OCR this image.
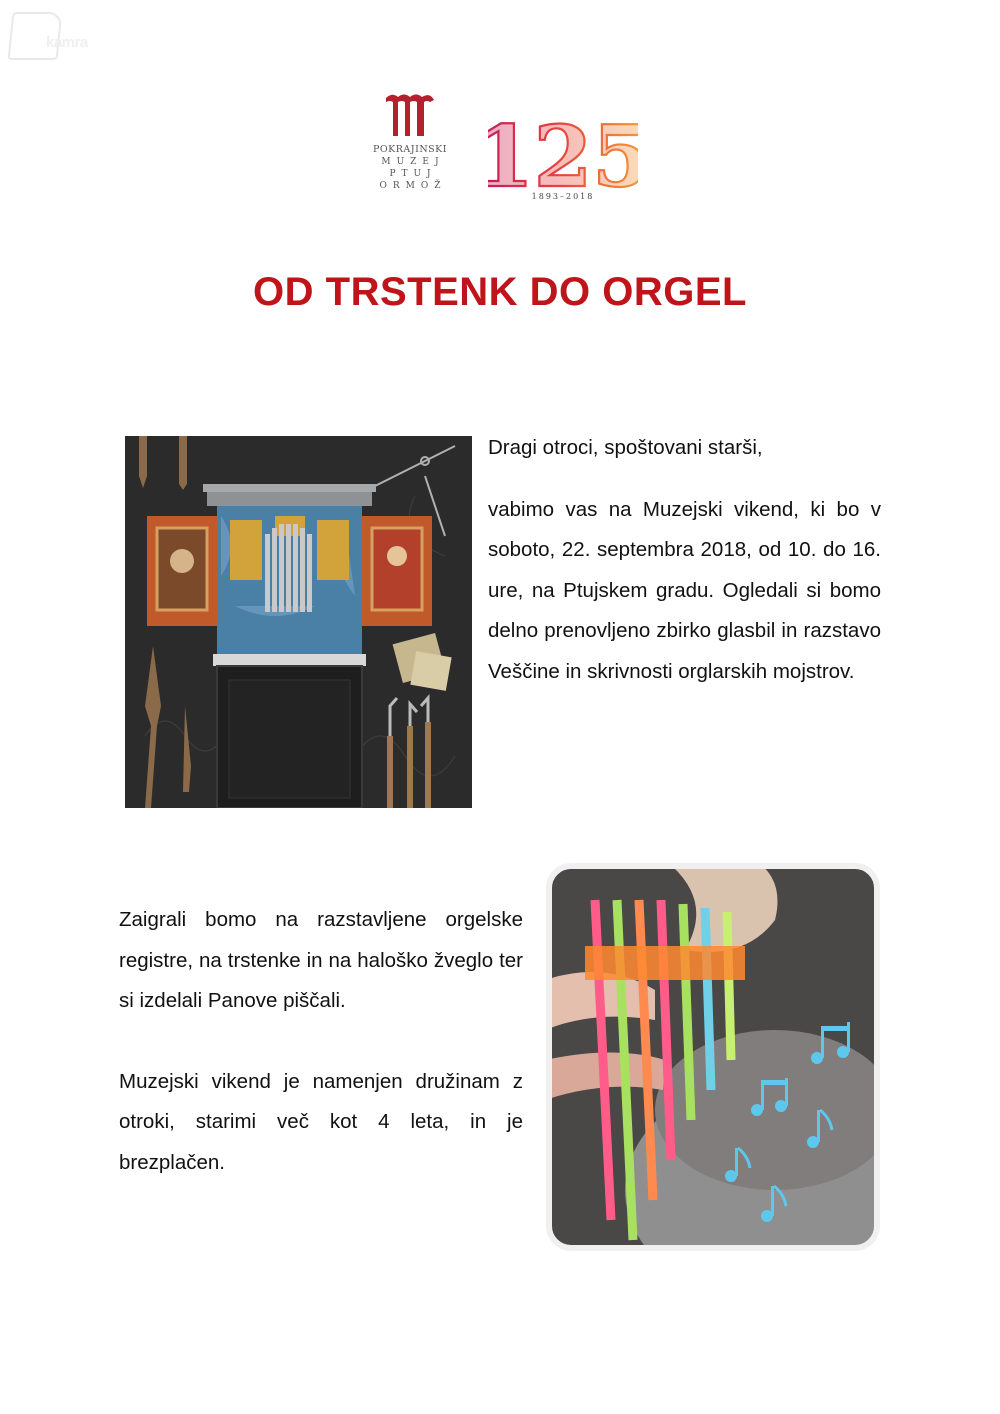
kamra
POKRAJINSKI
MUZEJ
PTUJ
ORMOŽ 125
125
1893–2018
OD TRSTENK DO ORGEL

Dragi otroci, spoštovani starši,

vabimo vas na Muzejski vikend, ki bo v soboto, 22. septembra 2018, od 10. do 16. ure, na Ptujskem gradu. Ogledali si bomo delno prenovljeno zbirko glasbil in razstavo Veščine in skrivnosti orglarskih mojstrov.

Zaigrali bomo na razstavljene orgelske registre, na trstenke in na haloško žveglo ter si izdelali Panove piščali.

Muzejski vikend je namenjen družinam z otroki, starimi več kot 4 leta, in je brezplačen.
